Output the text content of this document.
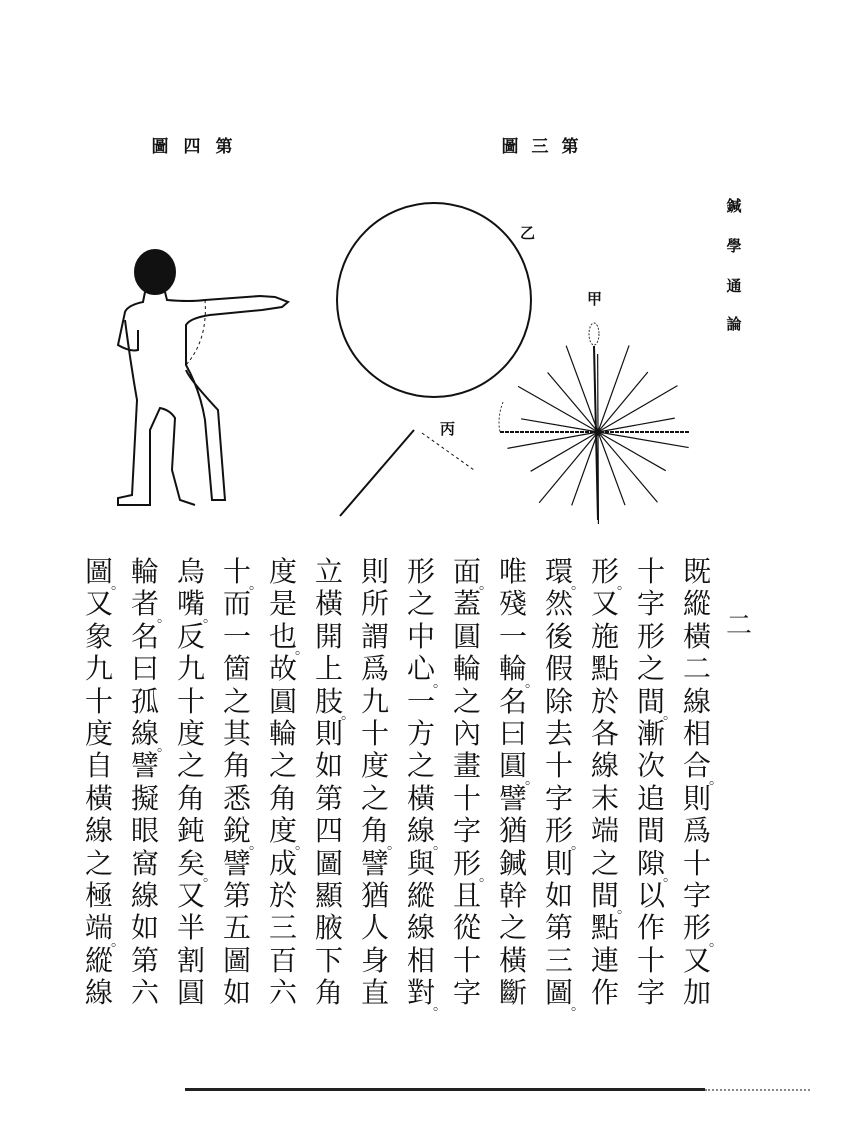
第
四
圖	第
三
圖
鍼
學
通
論
乙
甲
丙
二
既
縱
橫
二
線
相
合
。
則
爲
十
字
形
。
又
加
十
字
形
之
間
。
漸
次
追
間
隙
。
以
作
十
字
形
。
又
施
點
於
各
線
末
端
之
間
。
點
連
作
環
。
然
後
假
除
去
十
字
形
。
則
如
第
三
圖
。
唯
殘
一
輪
。
名
曰
圓
。
譬
猶
鍼
幹
之
橫
斷
面
。
蓋
圓
輪
之
內
畫
十
字
形
。
且
從
十
字
形
之
中
心
。
一
方
之
橫
線
。
與
縱
線
相
對
。
則
所
謂
爲
九
十
度
之
角
。
譬
猶
人
身
直
立
橫
開
上
肢
。
則
如
第
四
圖
顯
腋
下
角
度
是
也
。
故
圓
輪
之
角
度
。
成
於
三
百
六
十
。
而
一
箇
之
其
角
悉
銳
。
譬
第
五
圖
如
烏
嘴
。
反
九
十
度
之
角
鈍
矣
。
又
半
割
圓
輪
者
。
名
曰
孤
線
。
譬
擬
眼
窩
線
如
第
六
圖
。
又
象
九
十
度
自
橫
線
之
極
端
。
縱
線
